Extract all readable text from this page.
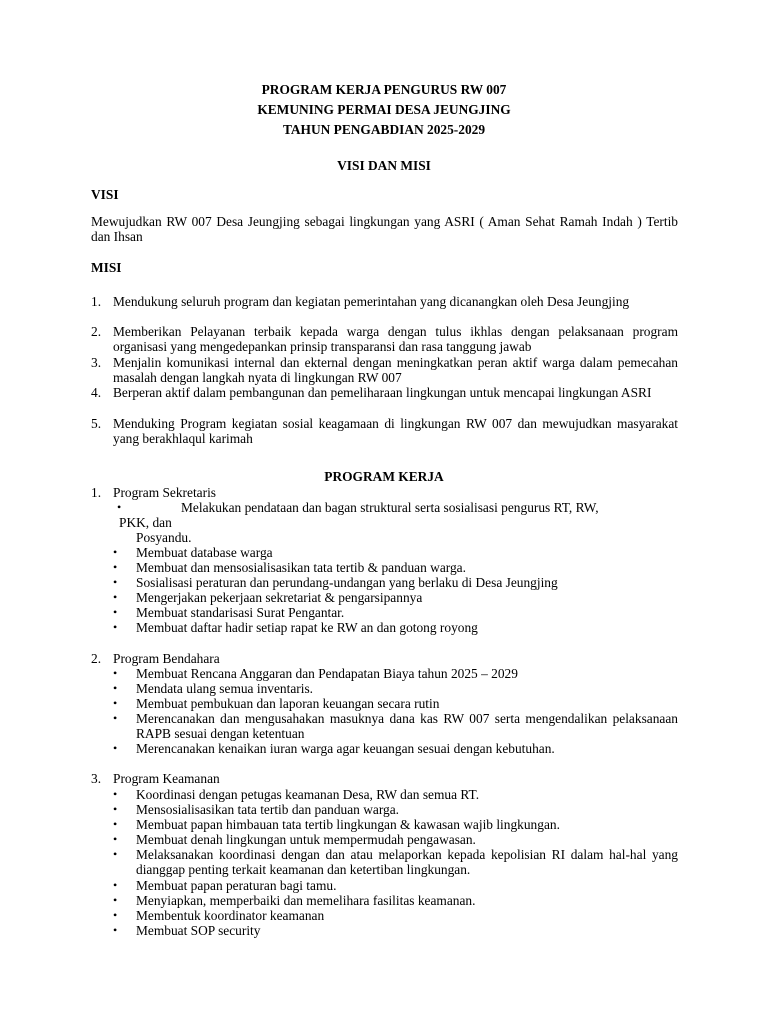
PROGRAM KERJA PENGURUS RW 007
KEMUNING PERMAI DESA JEUNGJING
TAHUN PENGABDIAN 2025-2029
VISI DAN MISI
VISI
Mewujudkan RW 007 Desa Jeungjing sebagai lingkungan yang ASRI ( Aman Sehat Ramah Indah ) Tertib dan Ihsan
MISI
1. Mendukung seluruh program dan kegiatan pemerintahan yang dicanangkan oleh Desa Jeungjing
2. Memberikan Pelayanan terbaik kepada warga dengan tulus ikhlas dengan pelaksanaan program organisasi yang mengedepankan prinsip transparansi dan rasa tanggung jawab
3. Menjalin komunikasi internal dan ekternal dengan meningkatkan peran aktif warga dalam pemecahan masalah dengan langkah nyata di lingkungan RW 007
4. Berperan aktif dalam pembangunan dan pemeliharaan lingkungan untuk mencapai lingkungan ASRI
5. Menduking Program kegiatan sosial keagamaan di lingkungan RW 007 dan mewujudkan masyarakat yang berakhlaqul karimah
PROGRAM KERJA
1. Program Sekretaris
•	Melakukan pendataan dan bagan struktural serta sosialisasi pengurus RT, RW,
PKK, dan
Posyandu.
•	Membuat database warga
•	Membuat dan mensosialisasikan tata tertib & panduan warga.
•	Sosialisasi peraturan dan perundang-undangan yang berlaku di Desa Jeungjing
•	Mengerjakan pekerjaan sekretariat & pengarsipannya
•	Membuat standarisasi Surat Pengantar.
•	Membuat daftar hadir setiap rapat ke RW an dan gotong royong
2. Program Bendahara
•	Membuat Rencana Anggaran dan Pendapatan Biaya tahun 2025 – 2029
•	Mendata ulang semua inventaris.
•	Membuat pembukuan dan laporan keuangan secara rutin
•	Merencanakan dan mengusahakan masuknya dana kas RW 007 serta mengendalikan pelaksanaan RAPB sesuai dengan ketentuan
•	Merencanakan kenaikan iuran warga agar keuangan sesuai dengan kebutuhan.
3. Program Keamanan
•	Koordinasi dengan petugas keamanan Desa, RW dan semua RT.
•	Mensosialisasikan tata tertib dan panduan warga.
•	Membuat papan himbauan tata tertib lingkungan & kawasan wajib lingkungan.
•	Membuat denah lingkungan untuk mempermudah pengawasan.
•	Melaksanakan koordinasi dengan dan atau melaporkan kepada kepolisian RI dalam hal-hal yang dianggap penting terkait keamanan dan ketertiban lingkungan.
•	Membuat papan peraturan bagi tamu.
•	Menyiapkan, memperbaiki dan memelihara fasilitas keamanan.
•	Membentuk koordinator keamanan
•	Membuat SOP security
